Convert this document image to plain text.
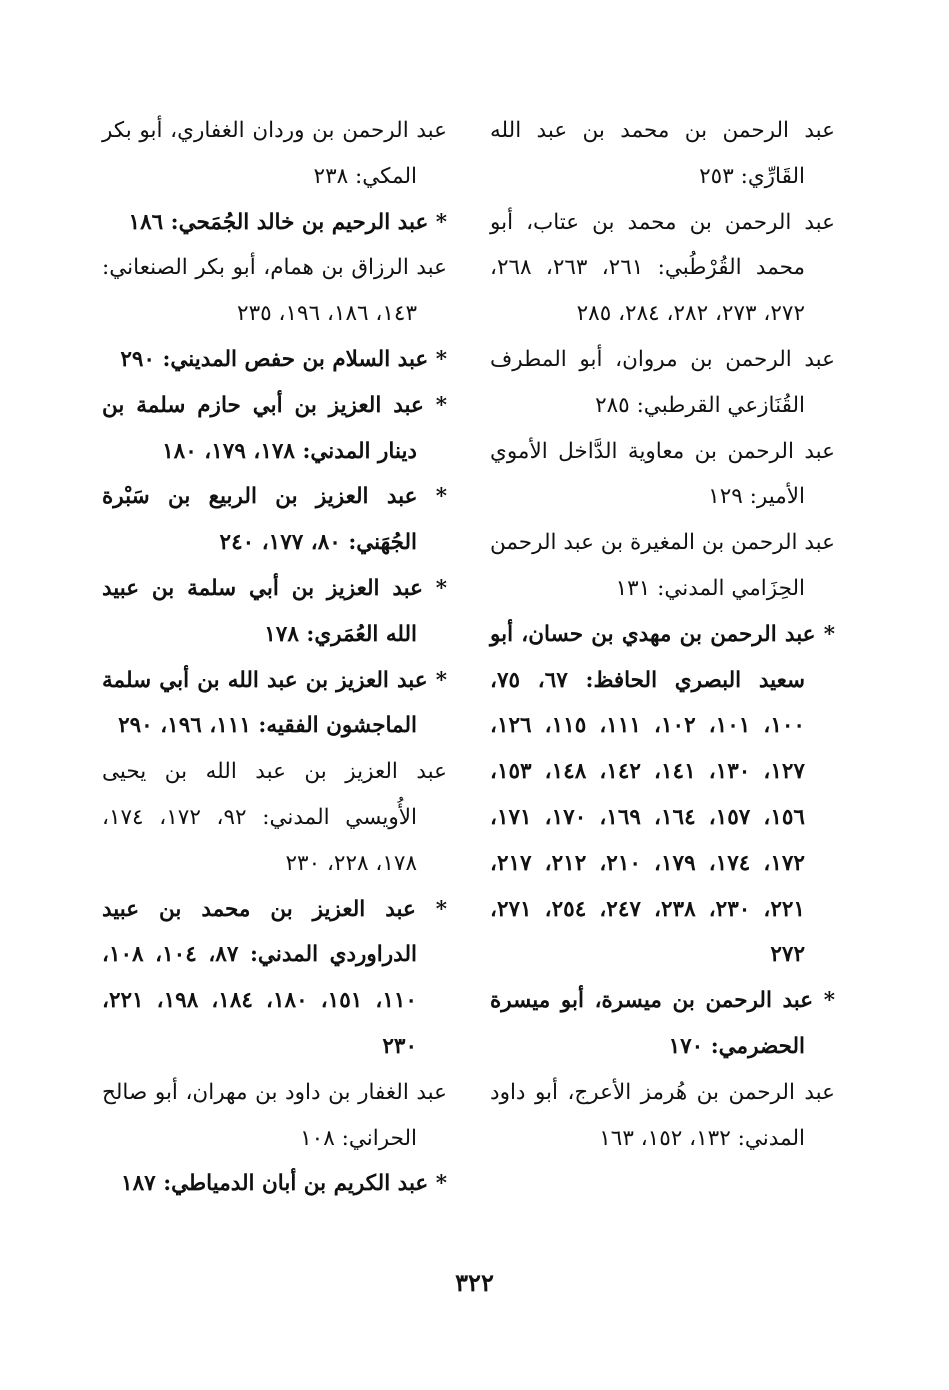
عبد الرحمن بن محمد بن عبد الله القَارِّي: ٢٥٣

عبد الرحمن بن محمد بن عتاب، أبو محمد القُرْطُبي: ٢٦١، ٢٦٣، ٢٦٨، ٢٧٢، ٢٧٣، ٢٨٢، ٢٨٤، ٢٨٥

عبد الرحمن بن مروان، أبو المطرف القُنَازعي القرطبي: ٢٨٥

عبد الرحمن بن معاوية الدَّاخل الأموي الأمير: ١٢٩

عبد الرحمن بن المغيرة بن عبد الرحمن الحِزَامي المدني: ١٣١

* عبد الرحمن بن مهدي بن حسان، أبو سعيد البصري الحافظ: ٦٧، ٧٥، ١٠٠، ١٠١، ١٠٢، ١١١، ١١٥، ١٢٦، ١٢٧، ١٣٠، ١٤١، ١٤٢، ١٤٨، ١٥٣، ١٥٦، ١٥٧، ١٦٤، ١٦٩، ١٧٠، ١٧١، ١٧٢، ١٧٤، ١٧٩، ٢١٠، ٢١٢، ٢١٧، ٢٢١، ٢٣٠، ٢٣٨، ٢٤٧، ٢٥٤، ٢٧١، ٢٧٢

* عبد الرحمن بن ميسرة، أبو ميسرة الحضرمي: ١٧٠

عبد الرحمن بن هُرمز الأعرج، أبو داود المدني: ١٣٢، ١٥٢، ١٦٣

عبد الرحمن بن وردان الغفاري، أبو بكر المكي: ٢٣٨

* عبد الرحيم بن خالد الجُمَحي: ١٨٦

عبد الرزاق بن همام، أبو بكر الصنعاني: ١٤٣، ١٨٦، ١٩٦، ٢٣٥

* عبد السلام بن حفص المديني: ٢٩٠

* عبد العزيز بن أبي حازم سلمة بن دينار المدني: ١٧٨، ١٧٩، ١٨٠

* عبد العزيز بن الربيع بن سَبْرة الجُهَني: ٨٠، ١٧٧، ٢٤٠

* عبد العزيز بن أبي سلمة بن عبيد الله العُمَري: ١٧٨

* عبد العزيز بن عبد الله بن أبي سلمة الماجشون الفقيه: ١١١، ١٩٦، ٢٩٠

عبد العزيز بن عبد الله بن يحيى الأُويسي المدني: ٩٢، ١٧٢، ١٧٤، ١٧٨، ٢٢٨، ٢٣٠

* عبد العزيز بن محمد بن عبيد الدراوردي المدني: ٨٧، ١٠٤، ١٠٨، ١١٠، ١٥١، ١٨٠، ١٨٤، ١٩٨، ٢٢١، ٢٣٠

عبد الغفار بن داود بن مهران، أبو صالح الحراني: ١٠٨

* عبد الكريم بن أبان الدمياطي: ١٨٧

٣٢٢
